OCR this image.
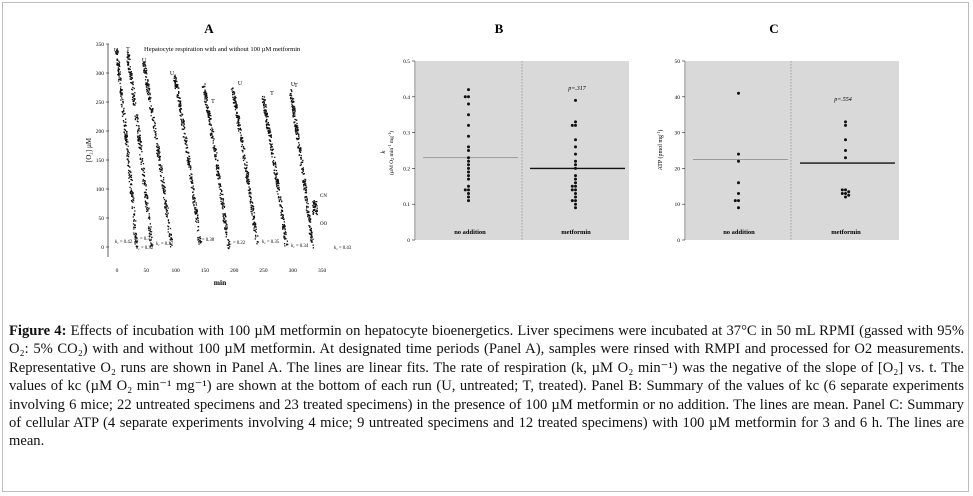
A
Hepatocyte respiration with and without 100 µM metformin
350
300
250
200
150
100
50
0
0	50	100	150	200	250	300	350
[O₂] µM
min
U T
U
U
T
U
T
T
U
$k_c = 0.42$
$k_c = 0.32$
$k_c = 0.33$
$k_c = 0.27$
$k_c = 0.38$
$k_c = 0.22$	$k_c = 0.35$
$k_c = 0.34$	$k_c = 0.43$
CN
OO
B
0.5
0.4
0.3
0.2
0.1
0
k
(µM O2 $\min^{-1} mg^{-1}$)
no addition	metformin
p=.317
C
50
40
30
20
10
0
ATP (pmol $mg^{-1}$)
no addition	metformin
p=.554

Figure 4: Effects of incubation with 100 µM metformin on hepatocyte bioenergetics. Liver specimens were incubated at 37°C in 50 mL RPMI (gassed with 95% O₂: 5% CO₂) with and without 100 µM metformin. At designated time periods (Panel A), samples were rinsed with RMPI and processed for O2 measurements. Representative O₂ runs are shown in Panel A. The lines are linear fits. The rate of respiration (k, µM O₂ min⁻¹) was the negative of the slope of [O₂] vs. t. The values of kc (µM O₂ min⁻¹ mg⁻¹) are shown at the bottom of each run (U, untreated; T, treated). Panel B: Summary of the values of kc (6 separate experiments involving 6 mice; 22 untreated specimens and 23 treated specimens) in the presence of 100 µM metformin or no addition. The lines are mean. Panel C: Summary of cellular ATP (4 separate experiments involving 4 mice; 9 untreated specimens and 12 treated specimens) with 100 µM metformin for 3 and 6 h. The lines are mean.
